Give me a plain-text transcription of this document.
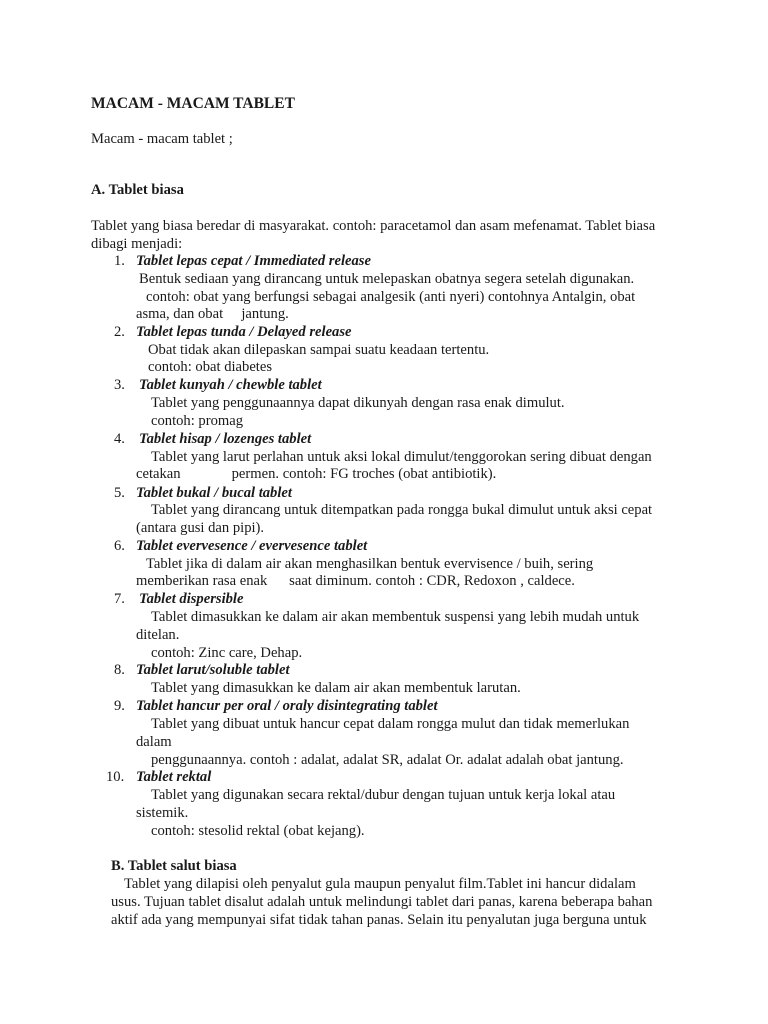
MACAM - MACAM TABLET
Macam - macam tablet ;
A. Tablet biasa
Tablet yang biasa beredar di masyarakat. contoh: paracetamol dan asam mefenamat. Tablet biasa
dibagi menjadi:
1. Tablet lepas cepat / Immediated release
Bentuk sediaan yang dirancang untuk melepaskan obatnya segera setelah digunakan.
contoh: obat yang berfungsi sebagai analgesik (anti nyeri) contohnya Antalgin, obat
asma, dan obat     jantung.
2. Tablet lepas tunda / Delayed release
Obat tidak akan dilepaskan sampai suatu keadaan tertentu.
contoh: obat diabetes
3. Tablet kunyah / chewble tablet
Tablet yang penggunaannya dapat dikunyah dengan rasa enak dimulut.
contoh: promag
4. Tablet hisap / lozenges tablet
Tablet yang larut perlahan untuk aksi lokal dimulut/tenggorokan sering dibuat dengan
cetakan              permen. contoh: FG troches (obat antibiotik).
5. Tablet bukal / bucal tablet
Tablet yang dirancang untuk ditempatkan pada rongga bukal dimulut untuk aksi cepat
(antara gusi dan pipi).
6. Tablet evervesence / evervesence tablet
Tablet jika di dalam air akan menghasilkan bentuk evervisence / buih, sering
memberikan rasa enak      saat diminum. contoh : CDR, Redoxon , caldece.
7. Tablet dispersible
Tablet dimasukkan ke dalam air akan membentuk suspensi yang lebih mudah untuk
ditelan.
contoh: Zinc care, Dehap.
8. Tablet larut/soluble tablet
Tablet yang dimasukkan ke dalam air akan membentuk larutan.
9. Tablet hancur per oral / oraly disintegrating tablet
Tablet yang dibuat untuk hancur cepat dalam rongga mulut dan tidak memerlukan
dalam
penggunaannya. contoh : adalat, adalat SR, adalat Or. adalat adalah obat jantung.
10. Tablet rektal
Tablet yang digunakan secara rektal/dubur dengan tujuan untuk kerja lokal atau
sistemik.
contoh: stesolid rektal (obat kejang).
B. Tablet salut biasa
Tablet yang dilapisi oleh penyalut gula maupun penyalut film.Tablet ini hancur didalam
usus. Tujuan tablet disalut adalah untuk melindungi tablet dari panas, karena beberapa bahan
aktif ada yang mempunyai sifat tidak tahan panas. Selain itu penyalutan juga berguna untuk
